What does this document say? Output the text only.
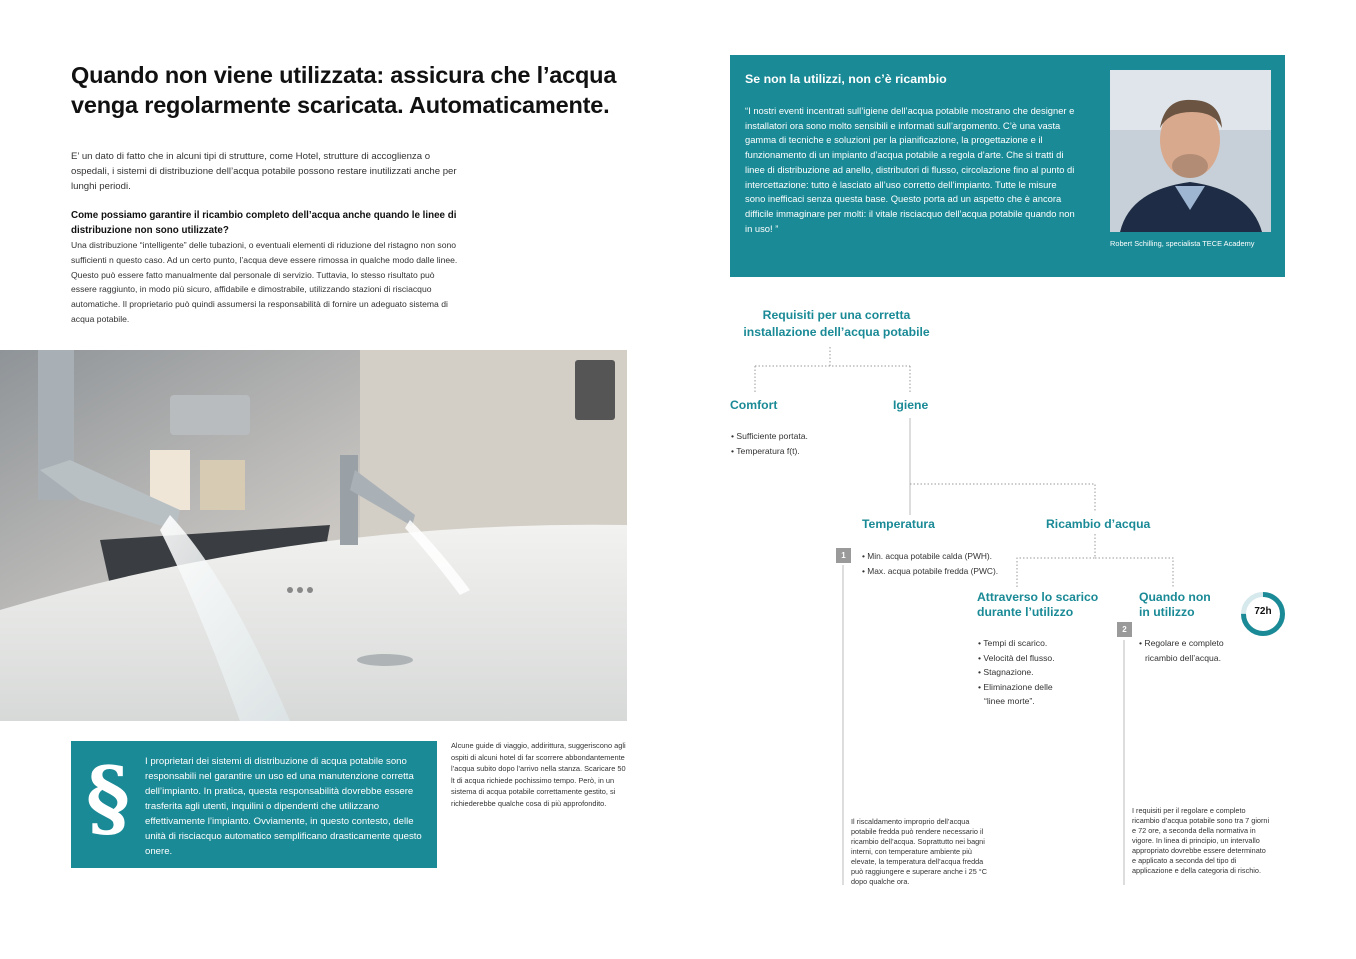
Quando non viene utilizzata: assicura che l’acqua
venga regolarmente scaricata. Automaticamente.
E’ un dato di fatto che in alcuni tipi di strutture, come Hotel, strutture di accoglienza o ospedali, i sistemi di distribuzione dell’acqua potabile possono restare inutilizzati anche per lunghi periodi.
Come possiamo garantire il ricambio completo dell’acqua anche quando le linee di distribuzione non sono utilizzate?
Una distribuzione “intelligente” delle tubazioni, o eventuali elementi di riduzione del ristagno non sono sufficienti n questo caso. Ad un certo punto, l’acqua deve essere rimossa in qualche modo dalle linee. Questo può essere fatto manualmente dal personale di servizio. Tuttavia, lo stesso risultato può essere raggiunto, in modo più sicuro, affidabile e dimostrabile, utilizzando stazioni di risciacquo automatiche. Il proprietario può quindi assumersi la responsabilità di fornire un adeguato sistema di acqua potabile.
§ I proprietari dei sistemi di distribuzione di acqua potabile sono responsabili nel garantire un uso ed una manutenzione corretta dell’impianto. In pratica, questa responsabilità dovrebbe essere trasferita agli utenti, inquilini o dipendenti che utilizzano effettivamente l’impianto. Ovviamente, in questo contesto, delle unità di risciacquo automatico semplificano drasticamente questo onere.
Alcune guide di viaggio, addirittura, suggeriscono agli ospiti di alcuni hotel di far scorrere abbondantemente l’acqua subito dopo l’arrivo nella stanza. Scaricare 50 lt di acqua richiede pochissimo tempo. Però, in un sistema di acqua potabile correttamente gestito, si richiederebbe qualche cosa di più approfondito.
Se non la utilizzi, non c’è ricambio
“I nostri eventi incentrati sull’igiene dell’acqua potabile mostrano che designer e installatori ora sono molto sensibili e informati sull’argomento. C’è una vasta gamma di tecniche e soluzioni per la pianificazione, la progettazione e il funzionamento di un impianto d’acqua potabile a regola d’arte. Che si tratti di linee di distribuzione ad anello, distributori di flusso, circolazione fino al punto di intercettazione: tutto è lasciato all’uso corretto dell’impianto. Tutte le misure sono inefficaci senza questa base. Questo porta ad un aspetto che è ancora difficile immaginare per molti: il vitale risciacquo dell’acqua potabile quando non in uso! ”
Robert Schilling, specialista TECE Academy
Requisiti per una corretta
installazione dell’acqua potabile
Comfort
• Sufficiente portata.
• Temperatura f(t).
Igiene
Temperatura
1	• Min. acqua potabile calda (PWH).
• Max. acqua potabile fredda (PWC).
Ricambio d’acqua
Attraverso lo scarico
durante l’utilizzo
• Tempi di scarico.
• Velocità del flusso.
• Stagnazione.
• Eliminazione delle
“linee morte”.
Quando non
in utilizzo
2
• Regolare e completo
ricambio dell’acqua.
72h
Il riscaldamento improprio dell’acqua potabile fredda può rendere necessario il ricambio dell’acqua. Soprattutto nei bagni interni, con temperature ambiente più elevate, la temperatura dell’acqua fredda può raggiungere e superare anche i 25 °C dopo qualche ora.
I requisiti per il regolare e completo ricambio d’acqua potabile sono tra 7 giorni e 72 ore, a seconda della normativa in vigore. In linea di principio, un intervallo appropriato dovrebbe essere determinato e applicato a seconda del tipo di applicazione e della categoria di rischio.
